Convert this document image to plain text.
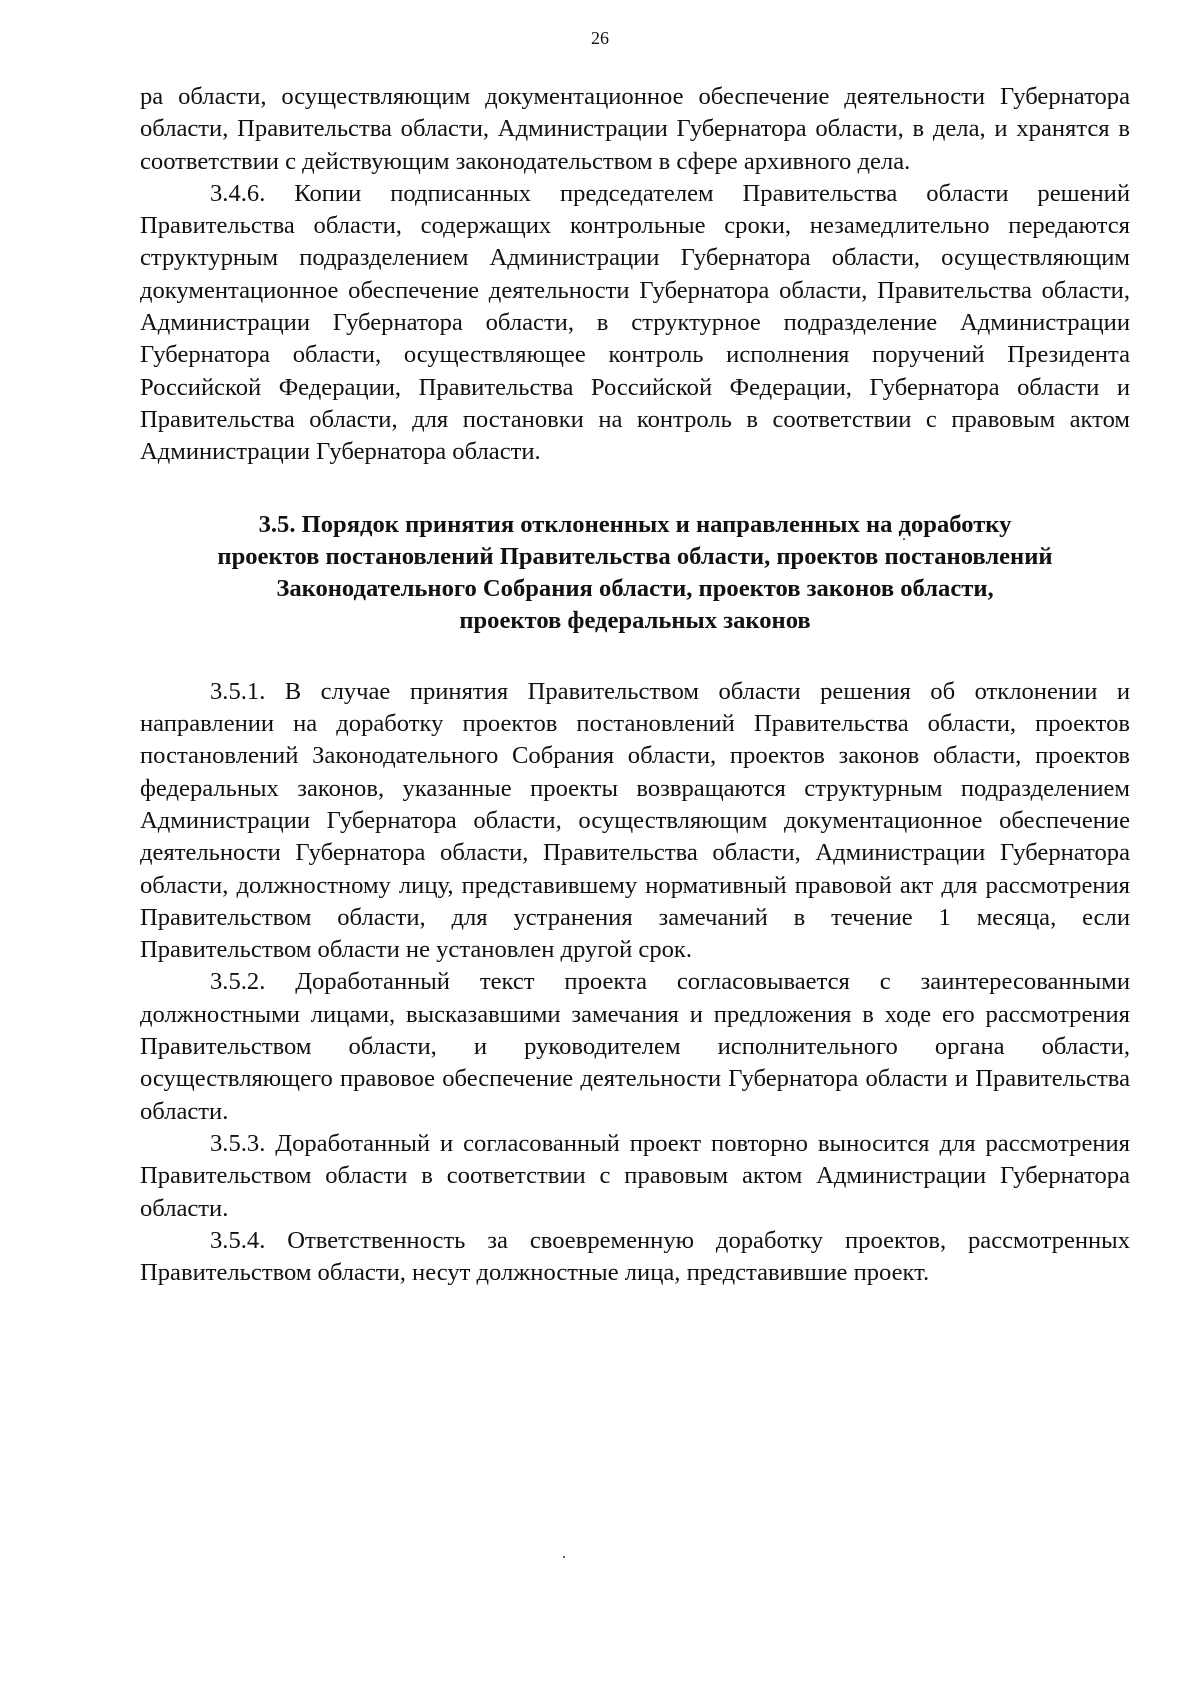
26

ра области, осуществляющим документационное обеспечение деятельности Губернатора области, Правительства области, Администрации Губернатора области, в дела, и хранятся в соответствии с действующим законодательством в сфере архивного дела.

3.4.6. Копии подписанных председателем Правительства области решений Правительства области, содержащих контрольные сроки, незамедлительно передаются структурным подразделением Администрации Губернатора области, осуществляющим документационное обеспечение деятельности Губернатора области, Правительства области, Администрации Губернатора области, в структурное подразделение Администрации Губернатора области, осуществляющее контроль исполнения поручений Президента Российской Федерации, Правительства Российской Федерации, Губернатора области и Правительства области, для постановки на контроль в соответствии с правовым актом Администрации Губернатора области.

3.5. Порядок принятия отклоненных и направленных на доработку
проектов постановлений Правительства области, проектов постановлений
Законодательного Собрания области, проектов законов области,
проектов федеральных законов

3.5.1. В случае принятия Правительством области решения об отклонении и направлении на доработку проектов постановлений Правительства области, проектов постановлений Законодательного Собрания области, проектов законов области, проектов федеральных законов, указанные проекты возвращаются структурным подразделением Администрации Губернатора области, осуществляющим документационное обеспечение деятельности Губернатора области, Правительства области, Администрации Губернатора области, должностному лицу, представившему нормативный правовой акт для рассмотрения Правительством области, для устранения замечаний в течение 1 месяца, если Правительством области не установлен другой срок.

3.5.2. Доработанный текст проекта согласовывается с заинтересованными должностными лицами, высказавшими замечания и предложения в ходе его рассмотрения Правительством области, и руководителем исполнительного органа области, осуществляющего правовое обеспечение деятельности Губернатора области и Правительства области.

3.5.3. Доработанный и согласованный проект повторно выносится для рассмотрения Правительством области в соответствии с правовым актом Администрации Губернатора области.

3.5.4. Ответственность за своевременную доработку проектов, рассмотренных Правительством области, несут должностные лица, представившие проект.
